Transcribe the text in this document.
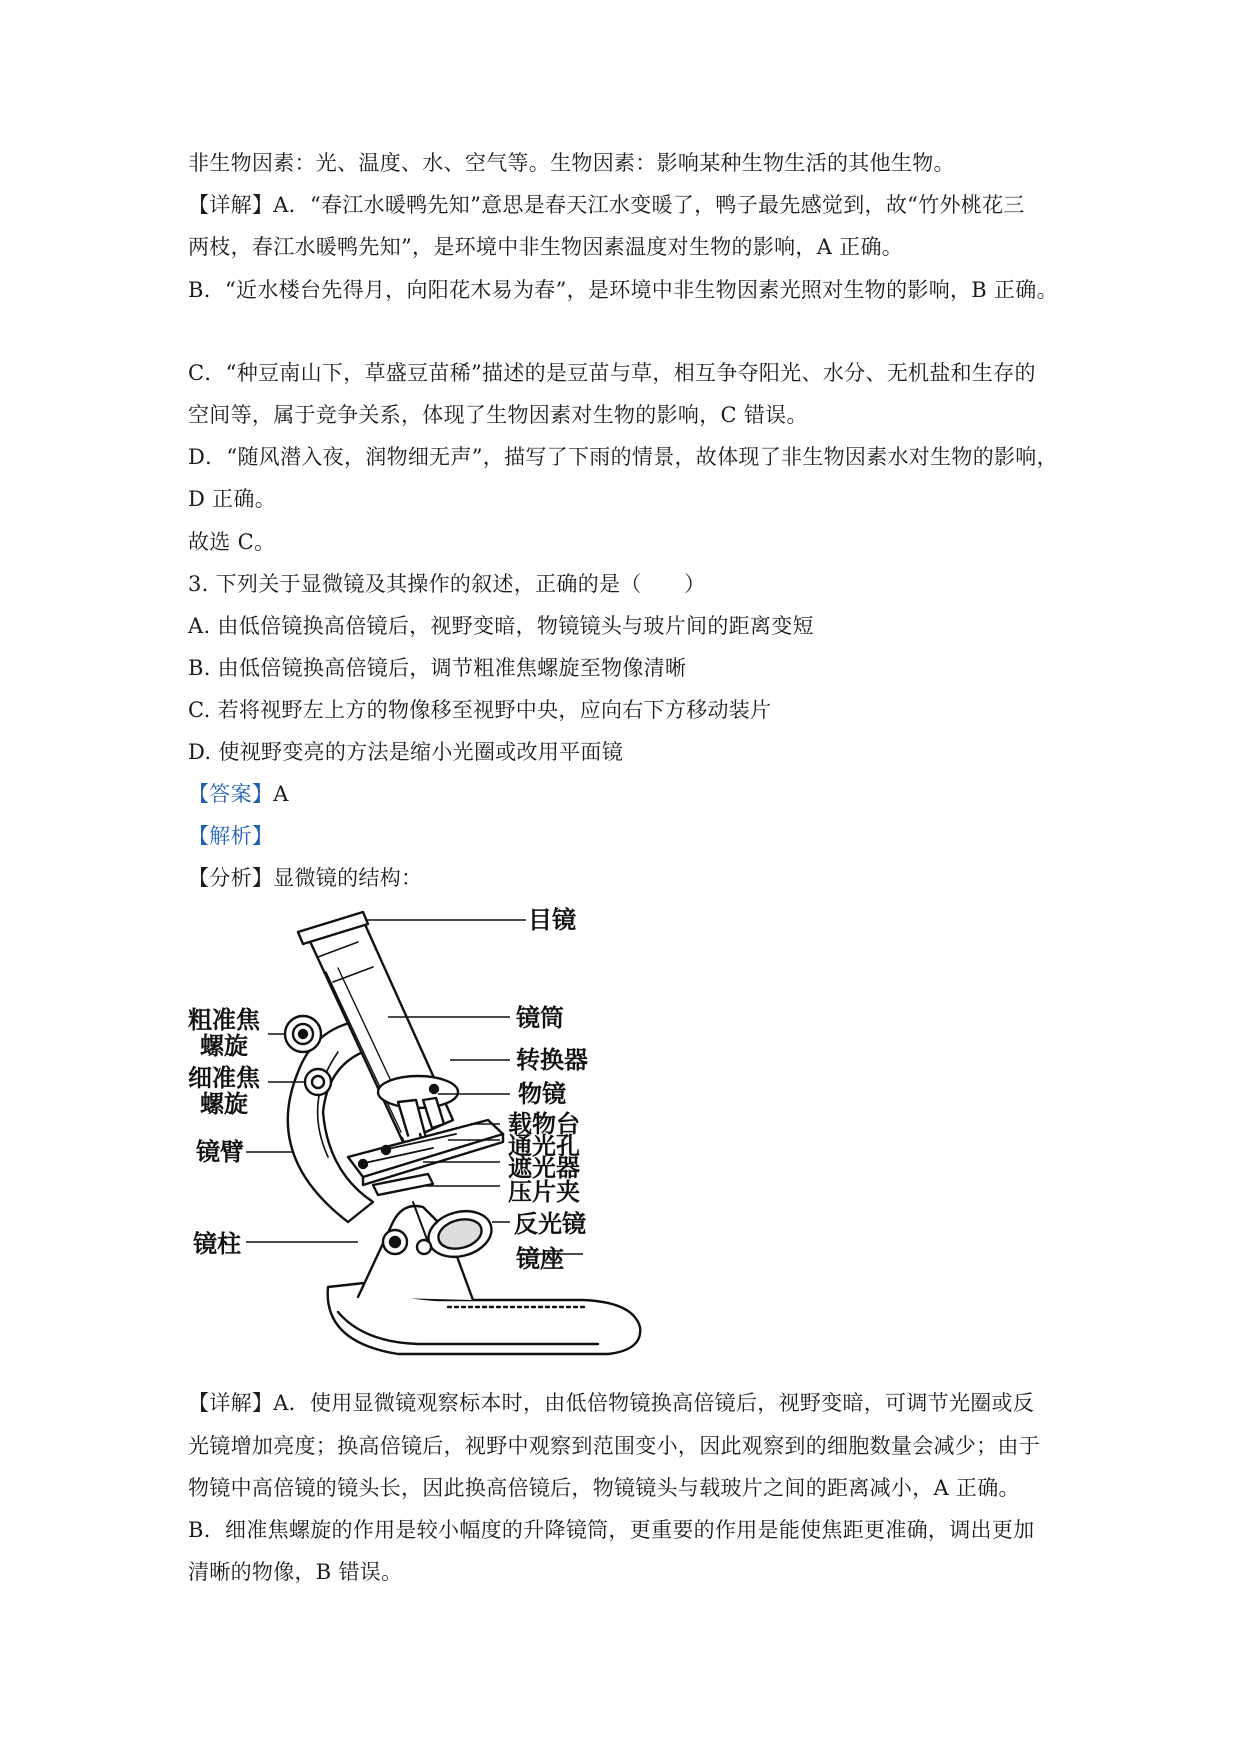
非生物因素：光、温度、水、空气等。生物因素：影响某种生物生活的其他生物。
【详解】A．“春江水暖鸭先知”意思是春天江水变暖了，鸭子最先感觉到，故“竹外桃花三
两枝，春江水暖鸭先知”，是环境中非生物因素温度对生物的影响，A 正确。
B．“近水楼台先得月，向阳花木易为春”，是环境中非生物因素光照对生物的影响，B 正确。
C．“种豆南山下，草盛豆苗稀”描述的是豆苗与草，相互争夺阳光、水分、无机盐和生存的
空间等，属于竞争关系，体现了生物因素对生物的影响，C 错误。
D．“随风潜入夜，润物细无声”，描写了下雨的情景，故体现了非生物因素水对生物的影响，
D 正确。
故选 C。
3. 下列关于显微镜及其操作的叙述，正确的是（　　）
A. 由低倍镜换高倍镜后，视野变暗，物镜镜头与玻片间的距离变短
B. 由低倍镜换高倍镜后，调节粗准焦螺旋至物像清晰
C. 若将视野左上方的物像移至视野中央，应向右下方移动装片
D. 使视野变亮的方法是缩小光圈或改用平面镜
【答案】A
【解析】
【分析】显微镜的结构：
目镜
镜筒
转换器
物镜
载物台
通光孔
遮光器
压片夹
反光镜
镜座
粗准焦
螺旋
细准焦
螺旋
镜臂
镜柱
【详解】A．使用显微镜观察标本时，由低倍物镜换高倍镜后，视野变暗，可调节光圈或反
光镜增加亮度；换高倍镜后，视野中观察到范围变小，因此观察到的细胞数量会减少；由于
物镜中高倍镜的镜头长，因此换高倍镜后，物镜镜头与载玻片之间的距离减小，A 正确。
B．细准焦螺旋的作用是较小幅度的升降镜筒，更重要的作用是能使焦距更准确，调出更加
清晰的物像，B 错误。
